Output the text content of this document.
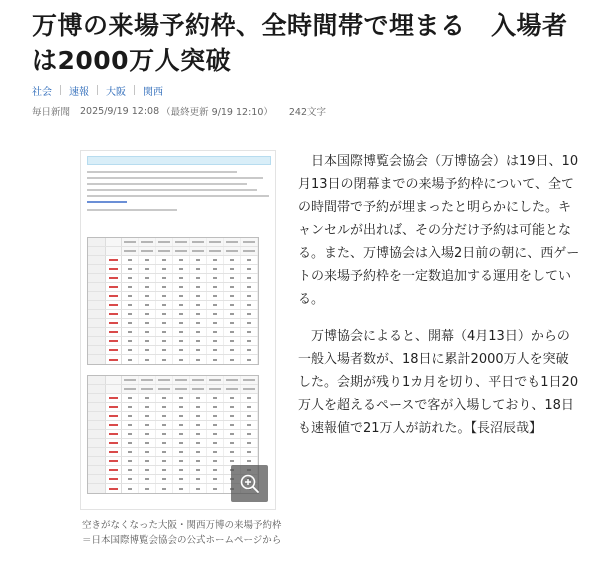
万博の来場予約枠、全時間帯で埋まる　入場者は2000万人突破
社会 速報 大阪 関西
毎日新聞 2025/9/19 12:08 （最終更新 9/19 12:10） 242文字
空きがなくなった大阪・関西万博の来場予約枠＝日本国際博覧会協会の公式ホームページから

日本国際博覧会協会（万博協会）は19日、10月13日の閉幕までの来場予約枠について、全ての時間帯で予約が埋まったと明らかにした。キャンセルが出れば、その分だけ予約は可能となる。また、万博協会は入場2日前の朝に、西ゲートの来場予約枠を一定数追加する運用をしている。

万博協会によると、開幕（4月13日）からの一般入場者数が、18日に累計2000万人を突破した。会期が残り1カ月を切り、平日でも1日20万人を超えるペースで客が入場しており、18日も速報値で21万人が訪れた。【長沼辰哉】
